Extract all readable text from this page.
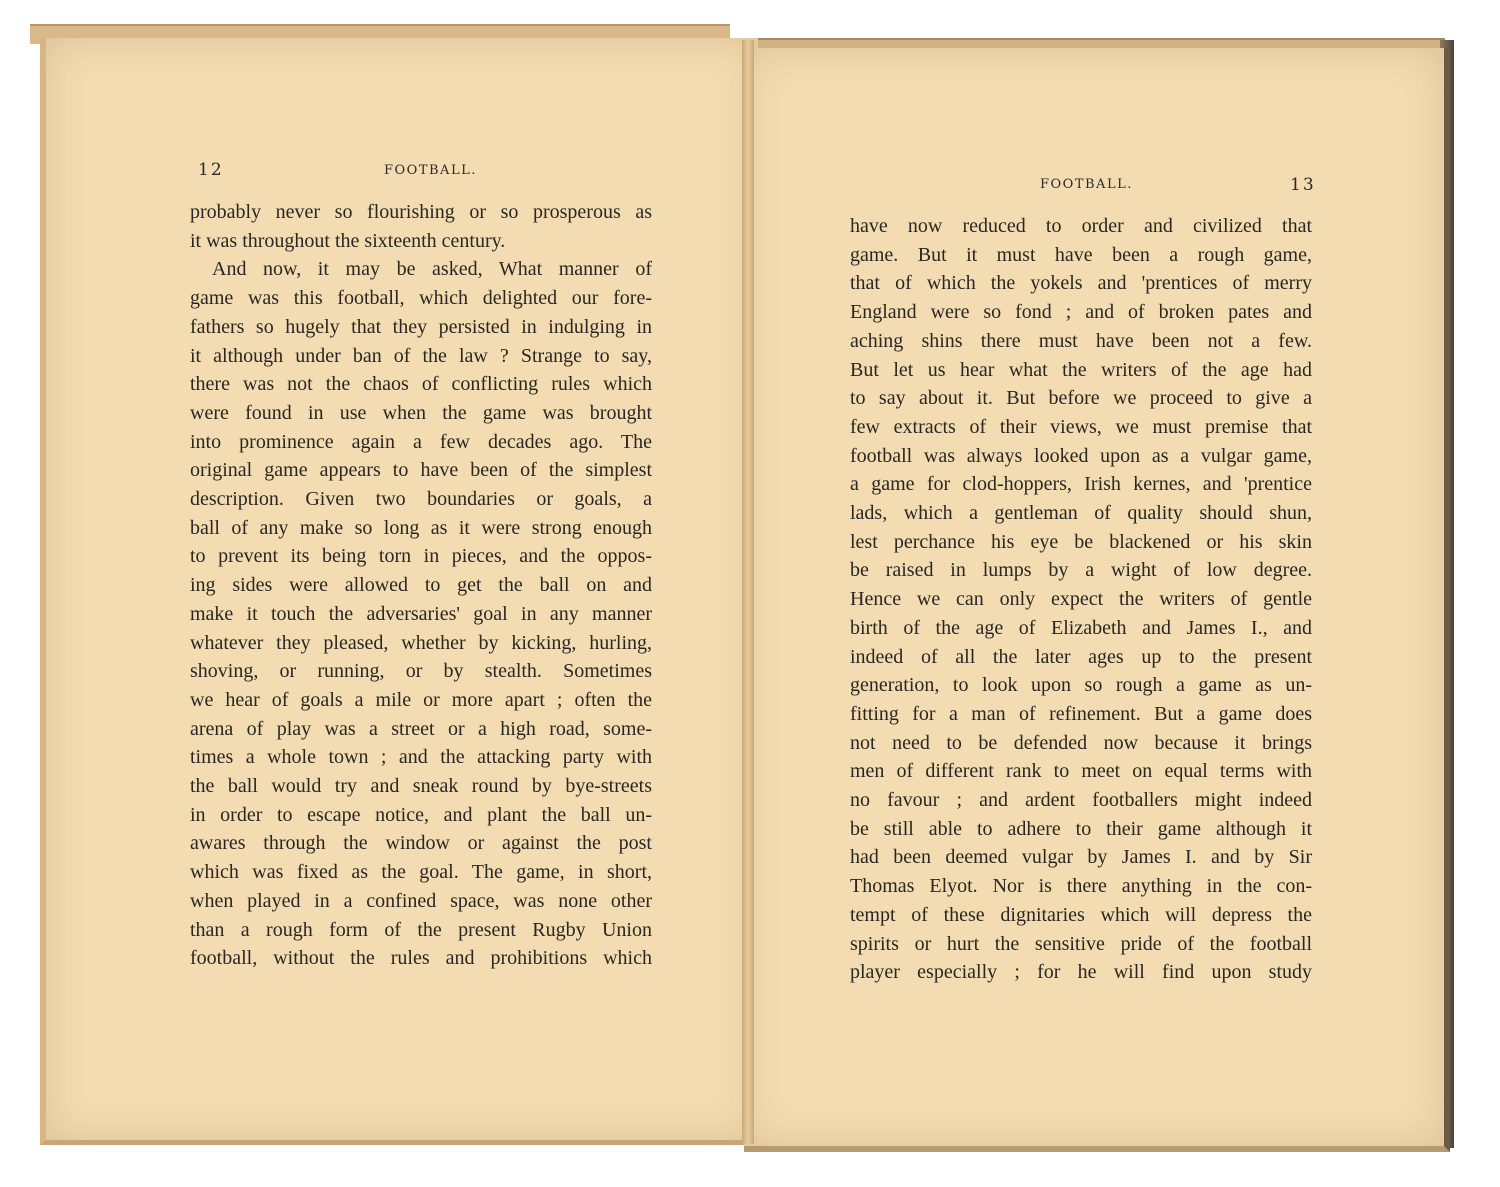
12	FOOTBALL.
FOOTBALL.	13
probably never so flourishing or so prosperous as
it was throughout the sixteenth century.
And now, it may be asked, What manner of
game was this football, which delighted our fore-
fathers so hugely that they persisted in indulging in
it although under ban of the law ? Strange to say,
there was not the chaos of conflicting rules which
were found in use when the game was brought
into prominence again a few decades ago. The
original game appears to have been of the simplest
description. Given two boundaries or goals, a
ball of any make so long as it were strong enough
to prevent its being torn in pieces, and the oppos-
ing sides were allowed to get the ball on and
make it touch the adversaries' goal in any manner
whatever they pleased, whether by kicking, hurling,
shoving, or running, or by stealth. Sometimes
we hear of goals a mile or more apart ; often the
arena of play was a street or a high road, some-
times a whole town ; and the attacking party with
the ball would try and sneak round by bye-streets
in order to escape notice, and plant the ball un-
awares through the window or against the post
which was fixed as the goal. The game, in short,
when played in a confined space, was none other
than a rough form of the present Rugby Union
football, without the rules and prohibitions which
have now reduced to order and civilized that
game. But it must have been a rough game,
that of which the yokels and 'prentices of merry
England were so fond ; and of broken pates and
aching shins there must have been not a few.
But let us hear what the writers of the age had
to say about it. But before we proceed to give a
few extracts of their views, we must premise that
football was always looked upon as a vulgar game,
a game for clod-hoppers, Irish kernes, and 'prentice
lads, which a gentleman of quality should shun,
lest perchance his eye be blackened or his skin
be raised in lumps by a wight of low degree.
Hence we can only expect the writers of gentle
birth of the age of Elizabeth and James I., and
indeed of all the later ages up to the present
generation, to look upon so rough a game as un-
fitting for a man of refinement. But a game does
not need to be defended now because it brings
men of different rank to meet on equal terms with
no favour ; and ardent footballers might indeed
be still able to adhere to their game although it
had been deemed vulgar by James I. and by Sir
Thomas Elyot. Nor is there anything in the con-
tempt of these dignitaries which will depress the
spirits or hurt the sensitive pride of the football
player especially ; for he will find upon study
